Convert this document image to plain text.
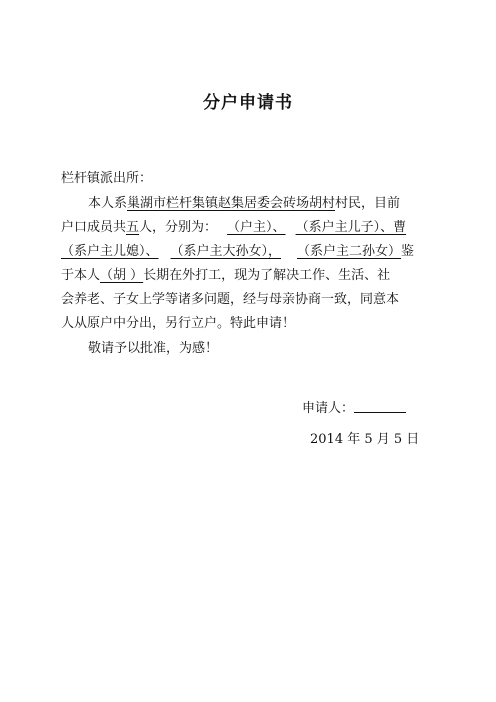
分户申请书
栏杆镇派出所：
本人系巢湖市栏杆集镇赵集居委会砖场胡村村民，目前
户口成员共五人，分别为： （户主）、 （系户主儿子）、曹
（系户主儿媳）、 （系户主大孙女）， （系户主二孙女）鉴
于本人（胡 ）长期在外打工，现为了解决工作、生活、社
会养老、子女上学等诸多问题，经与母亲协商一致，同意本
人从原户中分出，另行立户。特此申请！
敬请予以批准，为感！
申请人：
2014 年 5 月 5 日
